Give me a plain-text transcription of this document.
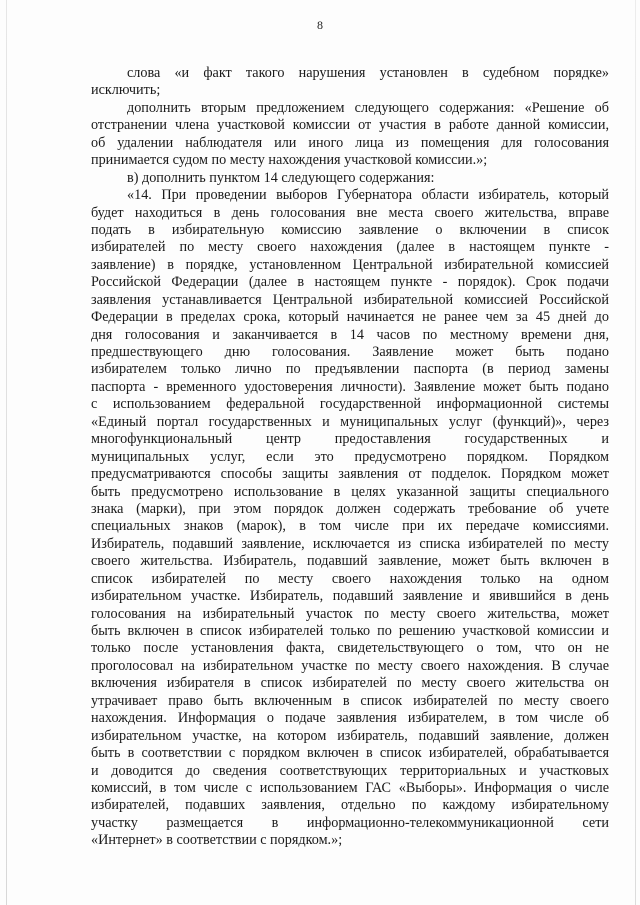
8
слова «и факт такого нарушения установлен в судебном порядке»
исключить;
дополнить вторым предложением следующего содержания: «Решение об
отстранении члена участковой комиссии от участия в работе данной комиссии,
об удалении наблюдателя или иного лица из помещения для голосования
принимается судом по месту нахождения участковой комиссии.»;
в) дополнить пунктом 14 следующего содержания:
«14. При проведении выборов Губернатора области избиратель, который
будет находиться в день голосования вне места своего жительства, вправе
подать в избирательную комиссию заявление о включении в список
избирателей по месту своего нахождения (далее в настоящем пункте -
заявление) в порядке, установленном Центральной избирательной комиссией
Российской Федерации (далее в настоящем пункте - порядок). Срок подачи
заявления устанавливается Центральной избирательной комиссией Российской
Федерации в пределах срока, который начинается не ранее чем за 45 дней до
дня голосования и заканчивается в 14 часов по местному времени дня,
предшествующего дню голосования. Заявление может быть подано
избирателем только лично по предъявлении паспорта (в период замены
паспорта - временного удостоверения личности). Заявление может быть подано
с использованием федеральной государственной информационной системы
«Единый портал государственных и муниципальных услуг (функций)», через
многофункциональный центр предоставления государственных и
муниципальных услуг, если это предусмотрено порядком. Порядком
предусматриваются способы защиты заявления от подделок. Порядком может
быть предусмотрено использование в целях указанной защиты специального
знака (марки), при этом порядок должен содержать требование об учете
специальных знаков (марок), в том числе при их передаче комиссиями.
Избиратель, подавший заявление, исключается из списка избирателей по месту
своего жительства. Избиратель, подавший заявление, может быть включен в
список избирателей по месту своего нахождения только на одном
избирательном участке. Избиратель, подавший заявление и явившийся в день
голосования на избирательный участок по месту своего жительства, может
быть включен в список избирателей только по решению участковой комиссии и
только после установления факта, свидетельствующего о том, что он не
проголосовал на избирательном участке по месту своего нахождения. В случае
включения избирателя в список избирателей по месту своего жительства он
утрачивает право быть включенным в список избирателей по месту своего
нахождения. Информация о подаче заявления избирателем, в том числе об
избирательном участке, на котором избиратель, подавший заявление, должен
быть в соответствии с порядком включен в список избирателей, обрабатывается
и доводится до сведения соответствующих территориальных и участковых
комиссий, в том числе с использованием ГАС «Выборы». Информация о числе
избирателей, подавших заявления, отдельно по каждому избирательному
участку размещается в информационно-телекоммуникационной сети
«Интернет» в соответствии с порядком.»;
